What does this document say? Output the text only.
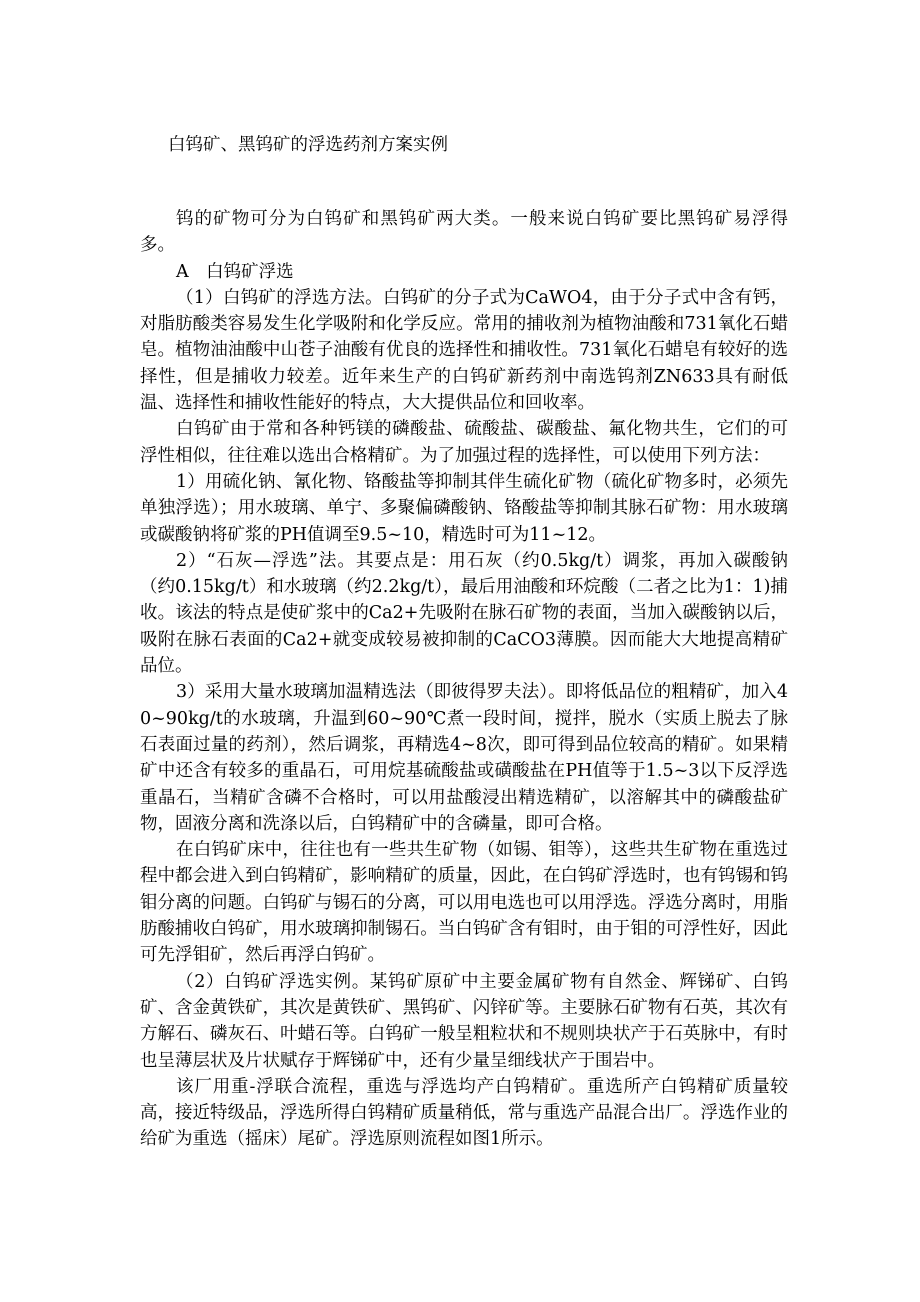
白钨矿、黑钨矿的浮选药剂方案实例

钨的矿物可分为白钨矿和黑钨矿两大类。一般来说白钨矿要比黑钨矿易浮得多。

A　白钨矿浮选

（1）白钨矿的浮选方法。白钨矿的分子式为CaWO4，由于分子式中含有钙，对脂肪酸类容易发生化学吸附和化学反应。常用的捕收剂为植物油酸和731氧化石蜡皂。植物油油酸中山苍子油酸有优良的选择性和捕收性。731氧化石蜡皂有较好的选择性，但是捕收力较差。近年来生产的白钨矿新药剂中南选钨剂ZN633具有耐低温、选择性和捕收性能好的特点，大大提供品位和回收率。

白钨矿由于常和各种钙镁的磷酸盐、硫酸盐、碳酸盐、氟化物共生，它们的可浮性相似，往往难以选出合格精矿。为了加强过程的选择性，可以使用下列方法：

1）用硫化钠、氰化物、铬酸盐等抑制其伴生硫化矿物（硫化矿物多时，必须先单独浮选）；用水玻璃、单宁、多聚偏磷酸钠、铬酸盐等抑制其脉石矿物：用水玻璃或碳酸钠将矿浆的PH值调至9.5~10，精选时可为11~12。

2）“石灰—浮选”法。其要点是：用石灰（约0.5kg/t）调浆，再加入碳酸钠（约0.15kg/t）和水玻璃（约2.2kg/t），最后用油酸和环烷酸（二者之比为1：1)捕收。该法的特点是使矿浆中的Ca2+先吸附在脉石矿物的表面，当加入碳酸钠以后，吸附在脉石表面的Ca2+就变成较易被抑制的CaCO3薄膜。因而能大大地提高精矿品位。

3）采用大量水玻璃加温精选法（即彼得罗夫法）。即将低品位的粗精矿，加入40~90kg/t的水玻璃，升温到60~90℃煮一段时间，搅拌，脱水（实质上脱去了脉石表面过量的药剂），然后调浆，再精选4~8次，即可得到品位较高的精矿。如果精矿中还含有较多的重晶石，可用烷基硫酸盐或磺酸盐在PH值等于1.5~3以下反浮选重晶石，当精矿含磷不合格时，可以用盐酸浸出精选精矿，以溶解其中的磷酸盐矿物，固液分离和洗涤以后，白钨精矿中的含磷量，即可合格。

在白钨矿床中，往往也有一些共生矿物（如锡、钼等），这些共生矿物在重选过程中都会进入到白钨精矿，影响精矿的质量，因此，在白钨矿浮选时，也有钨锡和钨钼分离的问题。白钨矿与锡石的分离，可以用电选也可以用浮选。浮选分离时，用脂肪酸捕收白钨矿，用水玻璃抑制锡石。当白钨矿含有钼时，由于钼的可浮性好，因此可先浮钼矿，然后再浮白钨矿。

（2）白钨矿浮选实例。某钨矿原矿中主要金属矿物有自然金、辉锑矿、白钨矿、含金黄铁矿，其次是黄铁矿、黑钨矿、闪锌矿等。主要脉石矿物有石英，其次有方解石、磷灰石、叶蜡石等。白钨矿一般呈粗粒状和不规则块状产于石英脉中，有时也呈薄层状及片状赋存于辉锑矿中，还有少量呈细线状产于围岩中。

该厂用重-浮联合流程，重选与浮选均产白钨精矿。重选所产白钨精矿质量较高，接近特级品，浮选所得白钨精矿质量稍低，常与重选产品混合出厂。浮选作业的给矿为重选（摇床）尾矿。浮选原则流程如图1所示。
